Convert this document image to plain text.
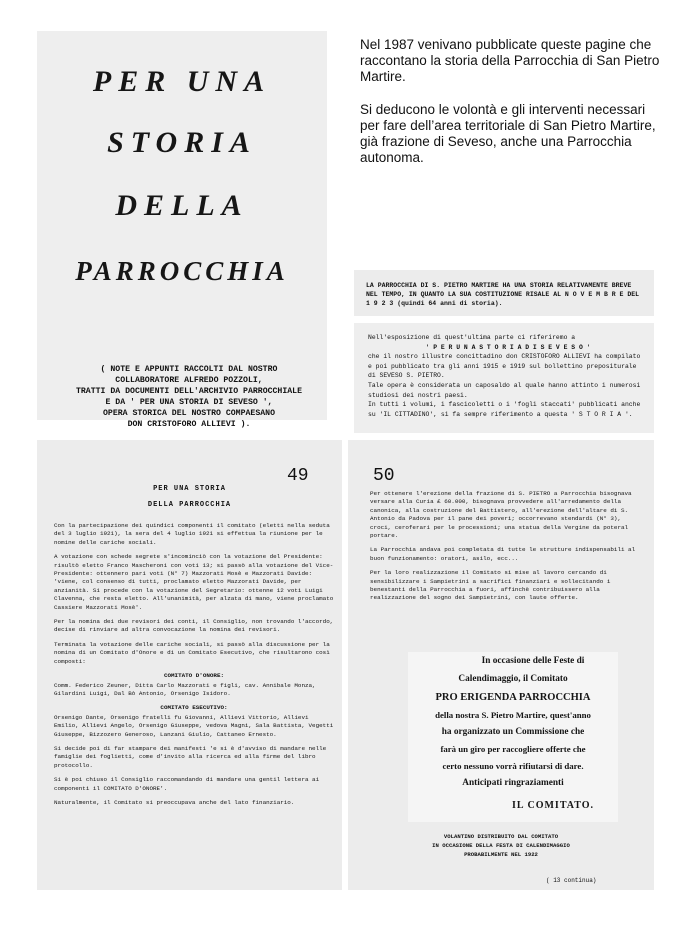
PER UNA
STORIA
DELLA
PARROCCHIA
( NOTE E APPUNTI RACCOLTI DAL NOSTRO
COLLABORATORE ALFREDO POZZOLI,
TRATTI DA DOCUMENTI DELL'ARCHIVIO PARROCCHIALE
E DA ' PER UNA STORIA DI SEVESO ',
OPERA STORICA DEL NOSTRO COMPAESANO
DON CRISTOFORO ALLIEVI ).

Nel 1987 venivano pubblicate queste pagine che raccontano la storia della Parrocchia di San Pietro Martire.

Si deducono le volontà e gli interventi necessari per fare dell’area territoriale di San Pietro Martire, già frazione di Seveso, anche una Parrocchia autonoma.

LA PARROCCHIA DI S. PIETRO MARTIRE HA UNA STORIA RELATIVAMENTE BREVE NEL TEMPO, IN QUANTO LA SUA COSTITUZIONE RISALE AL N O V E M B R E DEL 1 9 2 3 (quindi 64 anni di storia).
Nell'esposizione di quest'ultima parte ci riferiremo a
' P E R U N A S T O R I A D I S E V E S O '
che il nostro illustre concittadino don CRISTOFORO ALLIEVI ha compilato
e poi pubblicato tra gli anni 1915 e 1919 sul bollettino prepositurale
di SEVESO S. PIETRO.
Tale opera è considerata un caposaldo al quale hanno attinto i numerosi
studiosi dei nostri paesi.
In tutti i volumi, i fascicoletti o i 'fogli staccati' pubblicati anche
su 'IL CITTADINO', si fa sempre riferimento a questa ' S T O R I A '.
49
PER UNA STORIA
DELLA PARROCCHIA

Con la partecipazione dei quindici componenti il comitato (eletti nella seduta del 3 luglio 1921), la sera del 4 luglio 1921 si effettua la riunione per le nomine delle cariche sociali.

A votazione con schede segrete s'incominciò con la votazione del Presidente: risultò eletto Franco Mascheroni con voti 13; si passò alla votazione del Vice-Presidente: ottennero pari voti (N° 7) Mazzorati Mosè e Mazzorati Davide: 'viene, col consenso di tutti, proclamato eletto Mazzorati Davide, per anzianità. Si procede con la votazione del Segretario: ottenne 12 voti Luigi Clavenna, che resta eletto. All'unanimità, per alzata di mano, viene proclamato Cassiere Mazzorati Mosè'.

Per la nomina dei due revisori dei conti, il Consiglio, non trovando l'accordo, decise di rinviare ad altra convocazione la nomina dei revisori.

Terminata la votazione delle cariche sociali, si passò alla discussione per la nomina di un Comitato d'Onore e di un Comitato Esecutivo, che risultarono così composti:

COMITATO D'ONORE:

Comm. Federico Zeuner, Ditta Carlo Mazzorati e figli, cav. Annibale Monza, Gilardini Luigi, Dal Bò Antonio, Orsenigo Isidoro.

COMITATO ESECUTIVO:

Orsenigo Dante, Orsenigo fratelli fu Giovanni, Allievi Vittorio, Allievi Emilio, Allievi Angelo, Orsenigo Giuseppe, vedova Magni, Sala Battista, Vegetti Giuseppe, Bizzozero Generoso, Lanzani Giulio, Cattaneo Ernesto.

Si decide poi di far stampare dei manifesti 'e si è d'avviso di mandare nelle famiglie dei foglietti, come d'invito alla ricerca ed alla firme del libro protocollo.

Si è poi chiuso il Consiglio raccomandando di mandare una gentil lettera ai componenti il COMITATO D'ONORE'.

Naturalmente, il Comitato si preoccupava anche del lato finanziario.

50

Per ottenere l'erezione della frazione di S. PIETRO a Parrocchia bisognava versare alla Curia £ 60.000, bisognava provvedere all'arredamento della canonica, alla costruzione del Battistero, all'erezione dell'altare di S. Antonio da Padova per il pane dei poveri; occorrevano stendardi (N° 3), croci, ceroferari per le processioni; una statua della Vergine da poteral portare.

La Parrocchia andava poi completata di tutte le strutture indispensabili al buon funzionamento: oratori, asilo, ecc...

Per la loro realizzazione il Comitato si mise al lavoro cercando di sensibilizzare i Sampietrini a sacrifici finanziari e sollecitando i benestanti della Parrocchia a fuori, affinchè contribuissero alla realizzazione del sogno dei Sampietrini, con laute offerte.

In occasione delle Feste di
Calendimaggio, il Comitato
PRO ERIGENDA PARROCCHIA
della nostra S. Pietro Martire, quest'anno
ha organizzato un Commissione che
farà un giro per raccogliere offerte che
certo nessuno vorrà rifiutarsi di dare.
Anticipati ringraziamenti
IL COMITATO.
VOLANTINO DISTRIBUITO DAL COMITATO
IN OCCASIONE DELLA FESTA DI CALENDIMAGGIO
PROBABILMENTE NEL 1922
( 13 continua)
